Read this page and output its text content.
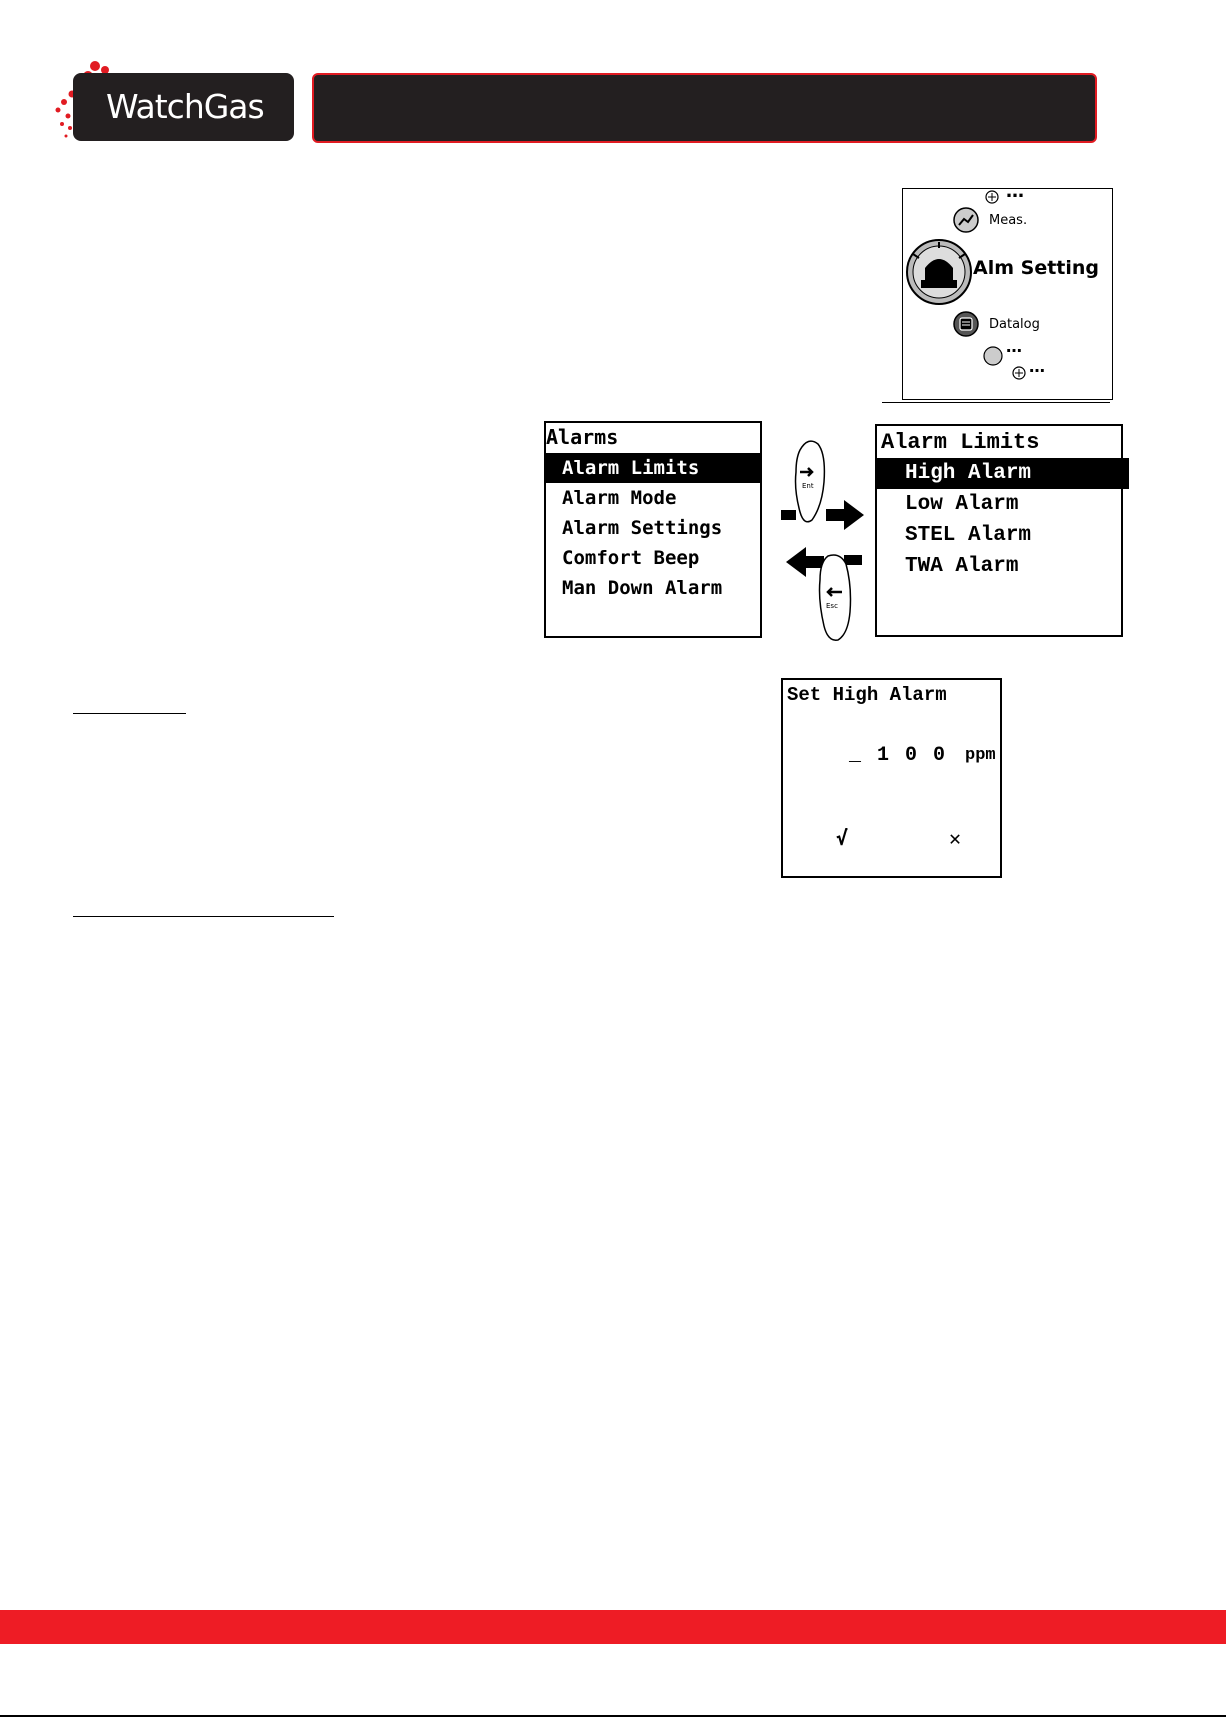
WatchGas
…
Meas.
Alm Setting
Datalog
…
…
Alarms
Alarm Limits
Alarm Mode
Alarm Settings
Comfort Beep
Man Down Alarm
Ent
Esc
Alarm Limits
High Alarm
Low Alarm
STEL Alarm
TWA Alarm
Set High Alarm
_ 1 0 0 ppm
√	✕
